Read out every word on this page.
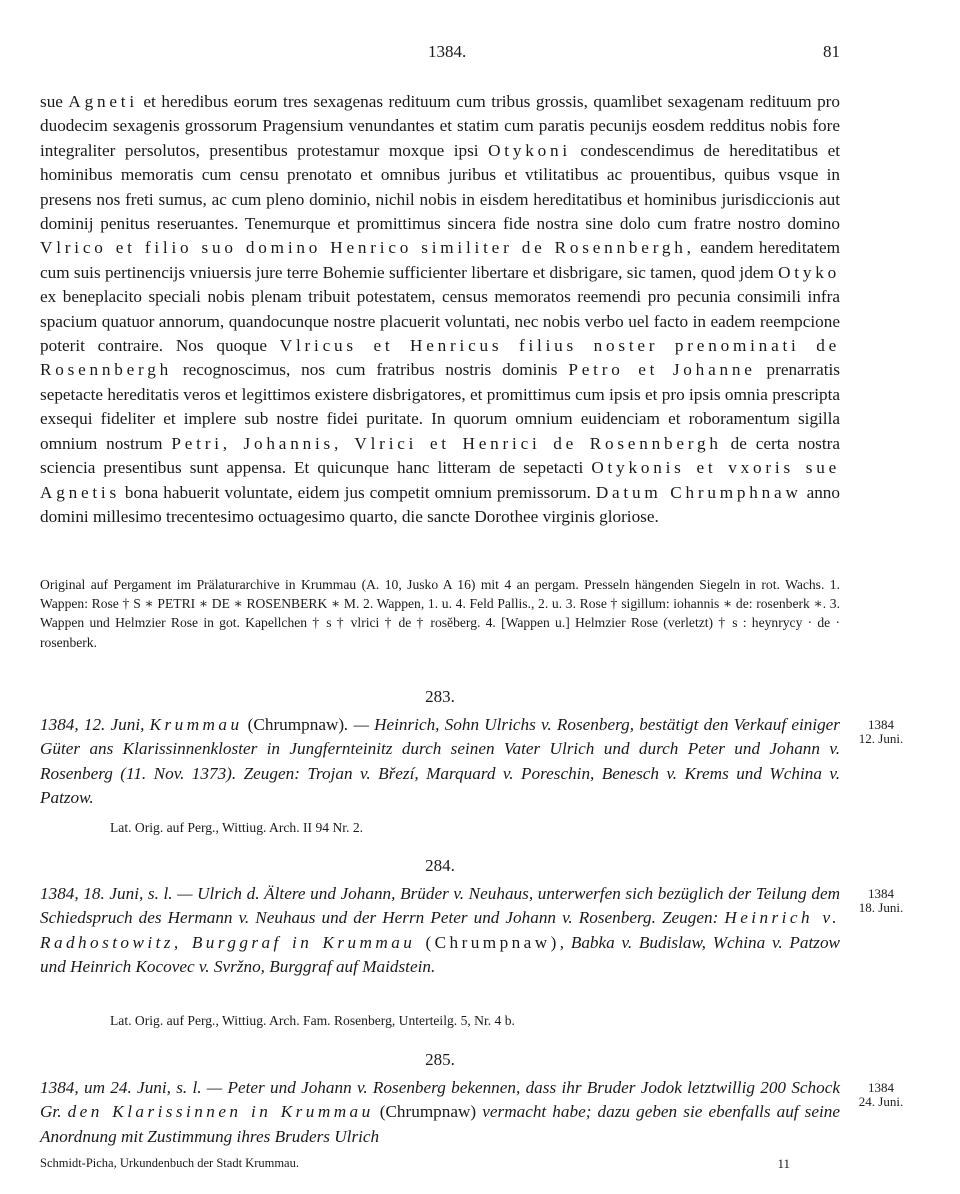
1384.	81

sue Agneti et heredibus eorum tres sexagenas redituum cum tribus grossis, quamlibet sexagenam redituum pro duodecim sexagenis grossorum Pragensium venundantes et statim cum paratis pecunijs eosdem redditus nobis fore integraliter persolutos, presentibus protestamur moxque ipsi Otykoni condescendimus de hereditatibus et hominibus memoratis cum censu prenotato et omnibus juribus et vtilitatibus ac prouentibus, quibus vsque in presens nos freti sumus, ac cum pleno dominio, nichil nobis in eisdem hereditatibus et hominibus jurisdiccionis aut dominij penitus reseruantes. Tenemurque et promittimus sincera fide nostra sine dolo cum fratre nostro domino Vlrico et filio suo domino Henrico similiter de Rosennbergh, eandem hereditatem cum suis pertinencijs vniuersis jure terre Bohemie sufficienter libertare et disbrigare, sic tamen, quod jdem Otyko ex beneplacito speciali nobis plenam tribuit potestatem, census memoratos reemendi pro pecunia consimili infra spacium quatuor annorum, quandocunque nostre placuerit voluntati, nec nobis verbo uel facto in eadem reempcione poterit contraire. Nos quoque Vlricus et Henricus filius noster prenominati de Rosennbergh recognoscimus, nos cum fratribus nostris dominis Petro et Johanne prenarratis sepetacte hereditatis veros et legittimos existere disbrigatores, et promittimus cum ipsis et pro ipsis omnia prescripta exsequi fideliter et implere sub nostre fidei puritate. In quorum omnium euidenciam et roboramentum sigilla omnium nostrum Petri, Johannis, Vlrici et Henrici de Rosennbergh de certa nostra sciencia presentibus sunt appensa. Et quicunque hanc litteram de sepetacti Otykonis et vxoris sue Agnetis bona habuerit voluntate, eidem jus competit omnium premissorum. Datum Chrumphnaw anno domini millesimo trecentesimo octuagesimo quarto, die sancte Dorothee virginis gloriose.

Original auf Pergament im Prälaturarchive in Krummau (A. 10, Jusko A 16) mit 4 an pergam. Presseln hängenden Siegeln in rot. Wachs. 1. Wappen: Rose † S ∗ PETRI ∗ DE ∗ ROSENBERK ∗ M. 2. Wappen, 1. u. 4. Feld Pallis., 2. u. 3. Rose † sigillum: iohannis ∗ de: rosenberk ∗. 3. Wappen und Helmzier Rose in got. Kapellchen † s † vlrici † de † rosĕberg. 4. [Wappen u.] Helmzier Rose (verletzt) † s : heynrycy · de · rosenberk.

283.
1384
12. Juni.

1384, 12. Juni, Krummau (Chrumpnaw). — Heinrich, Sohn Ulrichs v. Rosenberg, bestätigt den Verkauf einiger Güter ans Klarissinnenkloster in Jungfernteinitz durch seinen Vater Ulrich und durch Peter und Johann v. Rosenberg (11. Nov. 1373). Zeugen: Trojan v. Březí, Marquard v. Poreschin, Benesch v. Krems und Wchina v. Patzow.

Lat. Orig. auf Perg., Wittiug. Arch. II 94 Nr. 2.

284.
1384
18. Juni.

1384, 18. Juni, s. l. — Ulrich d. Ältere und Johann, Brüder v. Neuhaus, unterwerfen sich bezüglich der Teilung dem Schiedspruch des Hermann v. Neuhaus und der Herrn Peter und Johann v. Rosenberg. Zeugen: Heinrich v. Radhostowitz, Burggraf in Krummau (Chrumpnaw), Babka v. Budislaw, Wchina v. Patzow und Heinrich Kocovec v. Svržno, Burggraf auf Maidstein.

Lat. Orig. auf Perg., Wittiug. Arch. Fam. Rosenberg, Unterteilg. 5, Nr. 4 b.

285.
1384
24. Juni.

1384, um 24. Juni, s. l. — Peter und Johann v. Rosenberg bekennen, dass ihr Bruder Jodok letztwillig 200 Schock Gr. den Klarissinnen in Krummau (Chrumpnaw) vermacht habe; dazu geben sie ebenfalls auf seine Anordnung mit Zustimmung ihres Bruders Ulrich

Schmidt-Picha, Urkundenbuch der Stadt Krummau.	11
